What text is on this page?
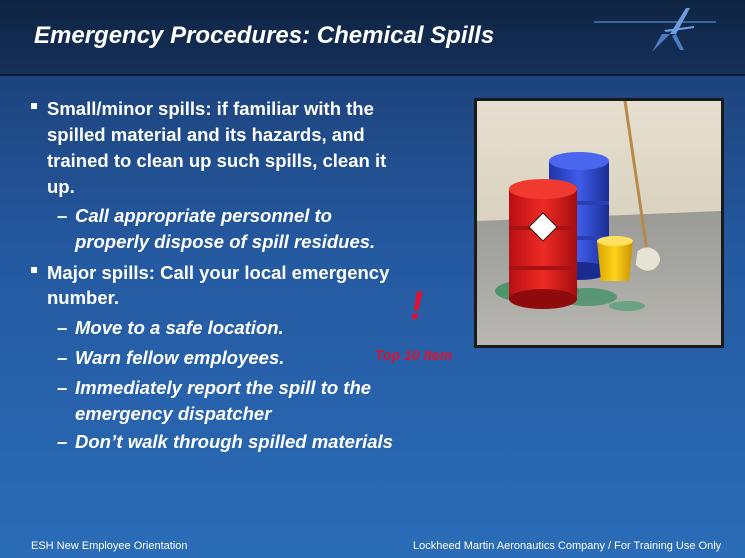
Emergency Procedures: Chemical Spills
Small/minor spills: if familiar with the
spilled material and its hazards, and
trained to clean up such spills, clean it
up.
– Call appropriate personnel to
properly dispose of spill residues.
Major spills: Call your local emergency
number.
– Move to a safe location.
– Warn fellow employees.
– Immediately report the spill to the
emergency dispatcher
– Don’t walk through spilled materials
!
Top 10 Item
ESH New Employee Orientation	Lockheed Martin Aeronautics Company / For Training Use Only
